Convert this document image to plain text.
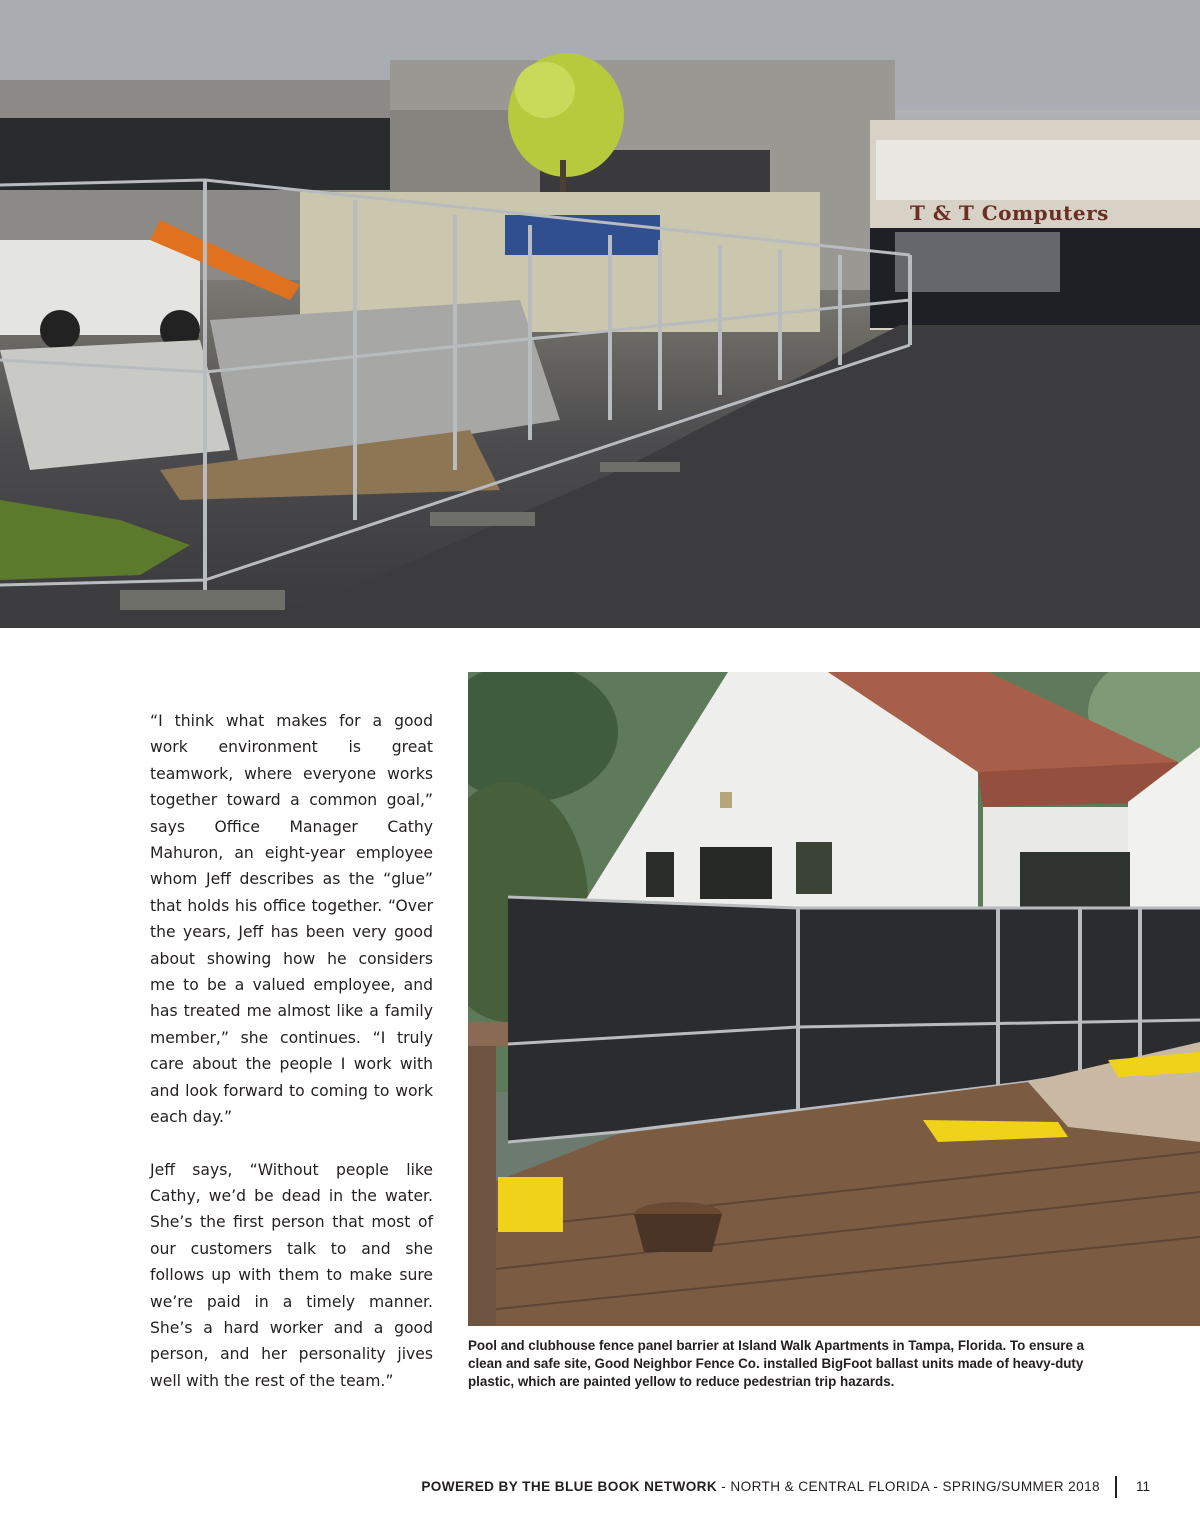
T & T Computers

“I think what makes for a good work environment is great teamwork, where everyone works together toward a common goal,” says Office Manager Cathy Mahuron, an eight-year employee whom Jeff describes as the “glue” that holds his office together. “Over the years, Jeff has been very good about showing how he considers me to be a valued employee, and has treated me almost like a family member,” she continues. “I truly care about the people I work with and look forward to coming to work each day.”

Jeff says, “Without people like Cathy, we’d be dead in the water. She’s the first person that most of our customers talk to and she follows up with them to make sure we’re paid in a timely manner. She’s a hard worker and a good person, and her personality jives well with the rest of the team.”

Pool and clubhouse fence panel barrier at Island Walk Apartments in Tampa, Florida. To ensure a clean and safe site, Good Neighbor Fence Co. installed BigFoot ballast units made of heavy-duty plastic, which are painted yellow to reduce pedestrian trip hazards.
POWERED BY THE BLUE BOOK NETWORK - NORTH & CENTRAL FLORIDA - SPRING/SUMMER 2018	11
